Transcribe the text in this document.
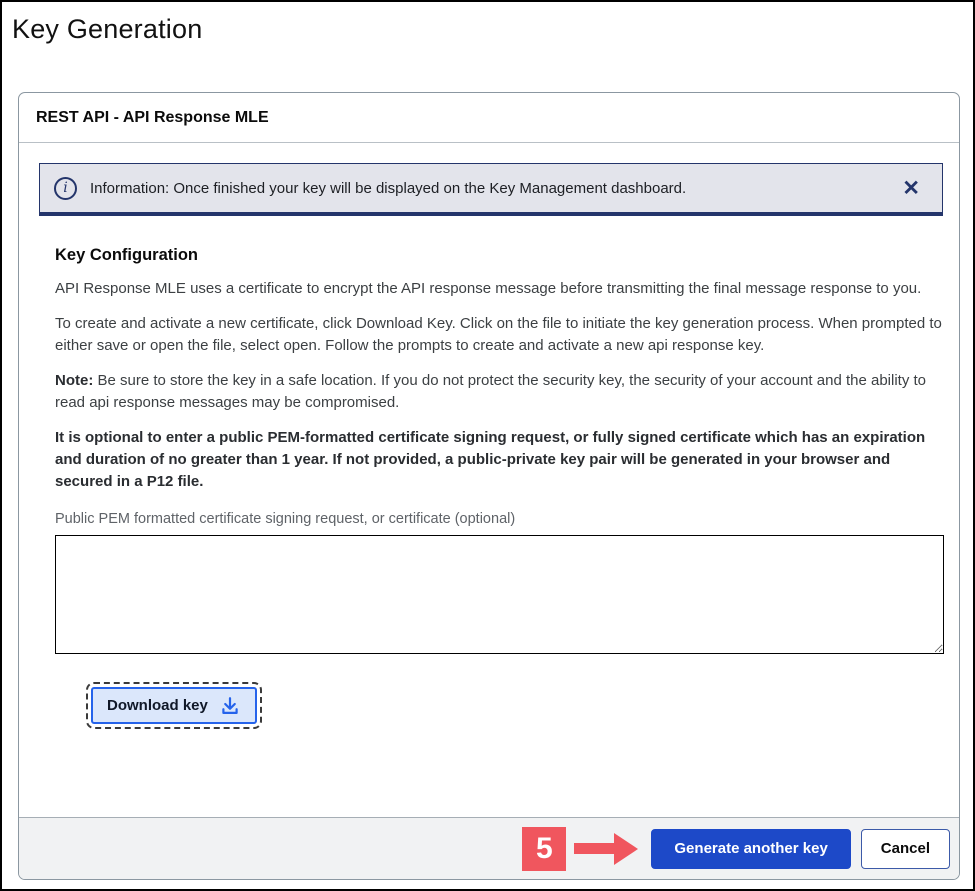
Key Generation
REST API - API Response MLE
i Information: Once finished your key will be displayed on the Key Management dashboard.	✕
Key Configuration

API Response MLE uses a certificate to encrypt the API response message before transmitting the final message response to you.

To create and activate a new certificate, click Download Key. Click on the file to initiate the key generation process. When prompted to either save or open the file, select open. Follow the prompts to create and activate a new api response key.

Note: Be sure to store the key in a safe location. If you do not protect the security key, the security of your account and the ability to read api response messages may be compromised.

It is optional to enter a public PEM-formatted certificate signing request, or fully signed certificate which has an expiration and duration of no greater than 1 year. If not provided, a public-private key pair will be generated in your browser and secured in a P12 file.

Public PEM formatted certificate signing request, or certificate (optional)
Download key
5	Generate another key	Cancel
